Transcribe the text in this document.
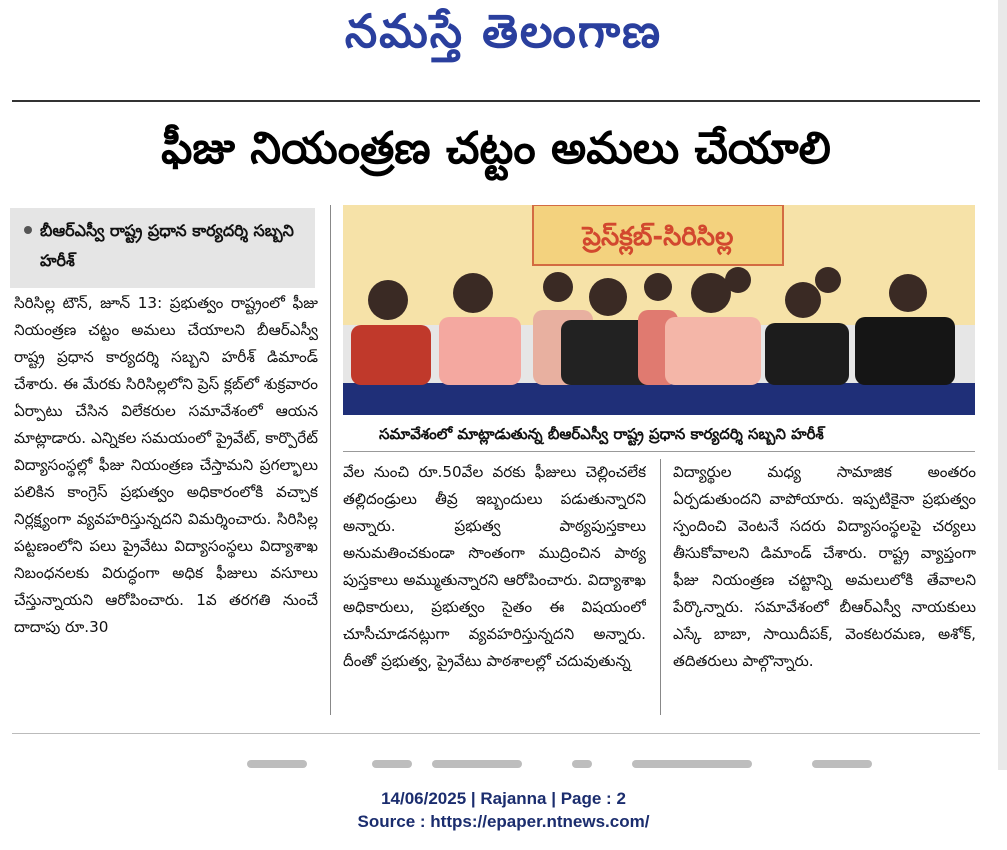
నమస్తే తెలంగాణ
ఫీజు నియంత్రణ చట్టం అమలు చేయాలి
బీఆర్‌ఎస్వీ రాష్ట్ర ప్రధాన కార్యదర్శి సబ్బని హరీశ్
ప్రెస్‌క్లబ్-సిరిసిల్ల
సమావేశంలో మాట్లాడుతున్న బీఆర్‌ఎస్వీ రాష్ట్ర ప్రధాన కార్యదర్శి సబ్బని హరీశ్
సిరిసిల్ల టౌన్, జూన్ 13: ప్రభుత్వం రాష్ట్రంలో ఫీజు నియంత్రణ చట్టం అమలు చేయాలని బీఆర్‌ఎస్వీ రాష్ట్ర ప్రధాన కార్యదర్శి సబ్బని హరీశ్ డిమాండ్ చేశారు. ఈ మేరకు సిరిసిల్లలోని ప్రెస్ క్లబ్‌లో శుక్రవారం ఏర్పాటు చేసిన విలేకరుల సమావేశంలో ఆయన మాట్లాడారు. ఎన్నికల సమయంలో ప్రైవేట్, కార్పొరేట్ విద్యాసంస్థల్లో ఫీజు నియంత్రణ చేస్తామని ప్రగల్భాలు పలికిన కాంగ్రెస్ ప్రభుత్వం అధికారంలోకి వచ్చాక నిర్లక్ష్యంగా వ్యవహరిస్తున్నదని విమర్శించారు. సిరిసిల్ల పట్టణంలోని పలు ప్రైవేటు విద్యాసంస్థలు విద్యాశాఖ నిబంధనలకు విరుద్ధంగా అధిక ఫీజులు వసూలు చేస్తున్నాయని ఆరోపించారు. 1వ తరగతి నుంచే దాదాపు రూ.30
వేల నుంచి రూ.50వేల వరకు ఫీజులు చెల్లించలేక తల్లిదండ్రులు తీవ్ర ఇబ్బందులు పడుతున్నారని అన్నారు. ప్రభుత్వ పాఠ్యపుస్తకాలు అనుమతించకుండా సొంతంగా ముద్రించిన పాఠ్య పుస్తకాలు అమ్ముతున్నారని ఆరోపించారు. విద్యాశాఖ అధికారులు, ప్రభుత్వం సైతం ఈ విషయంలో చూసీచూడనట్లుగా వ్యవహరిస్తున్నదని అన్నారు. దీంతో ప్రభుత్వ, ప్రైవేటు పాఠశాలల్లో చదువుతున్న
విద్యార్థుల మధ్య సామాజిక అంతరం ఏర్పడుతుందని వాపోయారు. ఇప్పటికైనా ప్రభుత్వం స్పందించి వెంటనే సదరు విద్యాసంస్థలపై చర్యలు తీసుకోవాలని డిమాండ్ చేశారు. రాష్ట్ర వ్యాప్తంగా ఫీజు నియంత్రణ చట్టాన్ని అమలులోకి తేవాలని పేర్కొన్నారు. సమావేశంలో బీఆర్‌ఎస్వీ నాయకులు ఎస్కే బాబా, సాయిదీపక్, వెంకటరమణ, అశోక్, తదితరులు పాల్గొన్నారు.
14/06/2025 | Rajanna | Page : 2
Source : https://epaper.ntnews.com/
